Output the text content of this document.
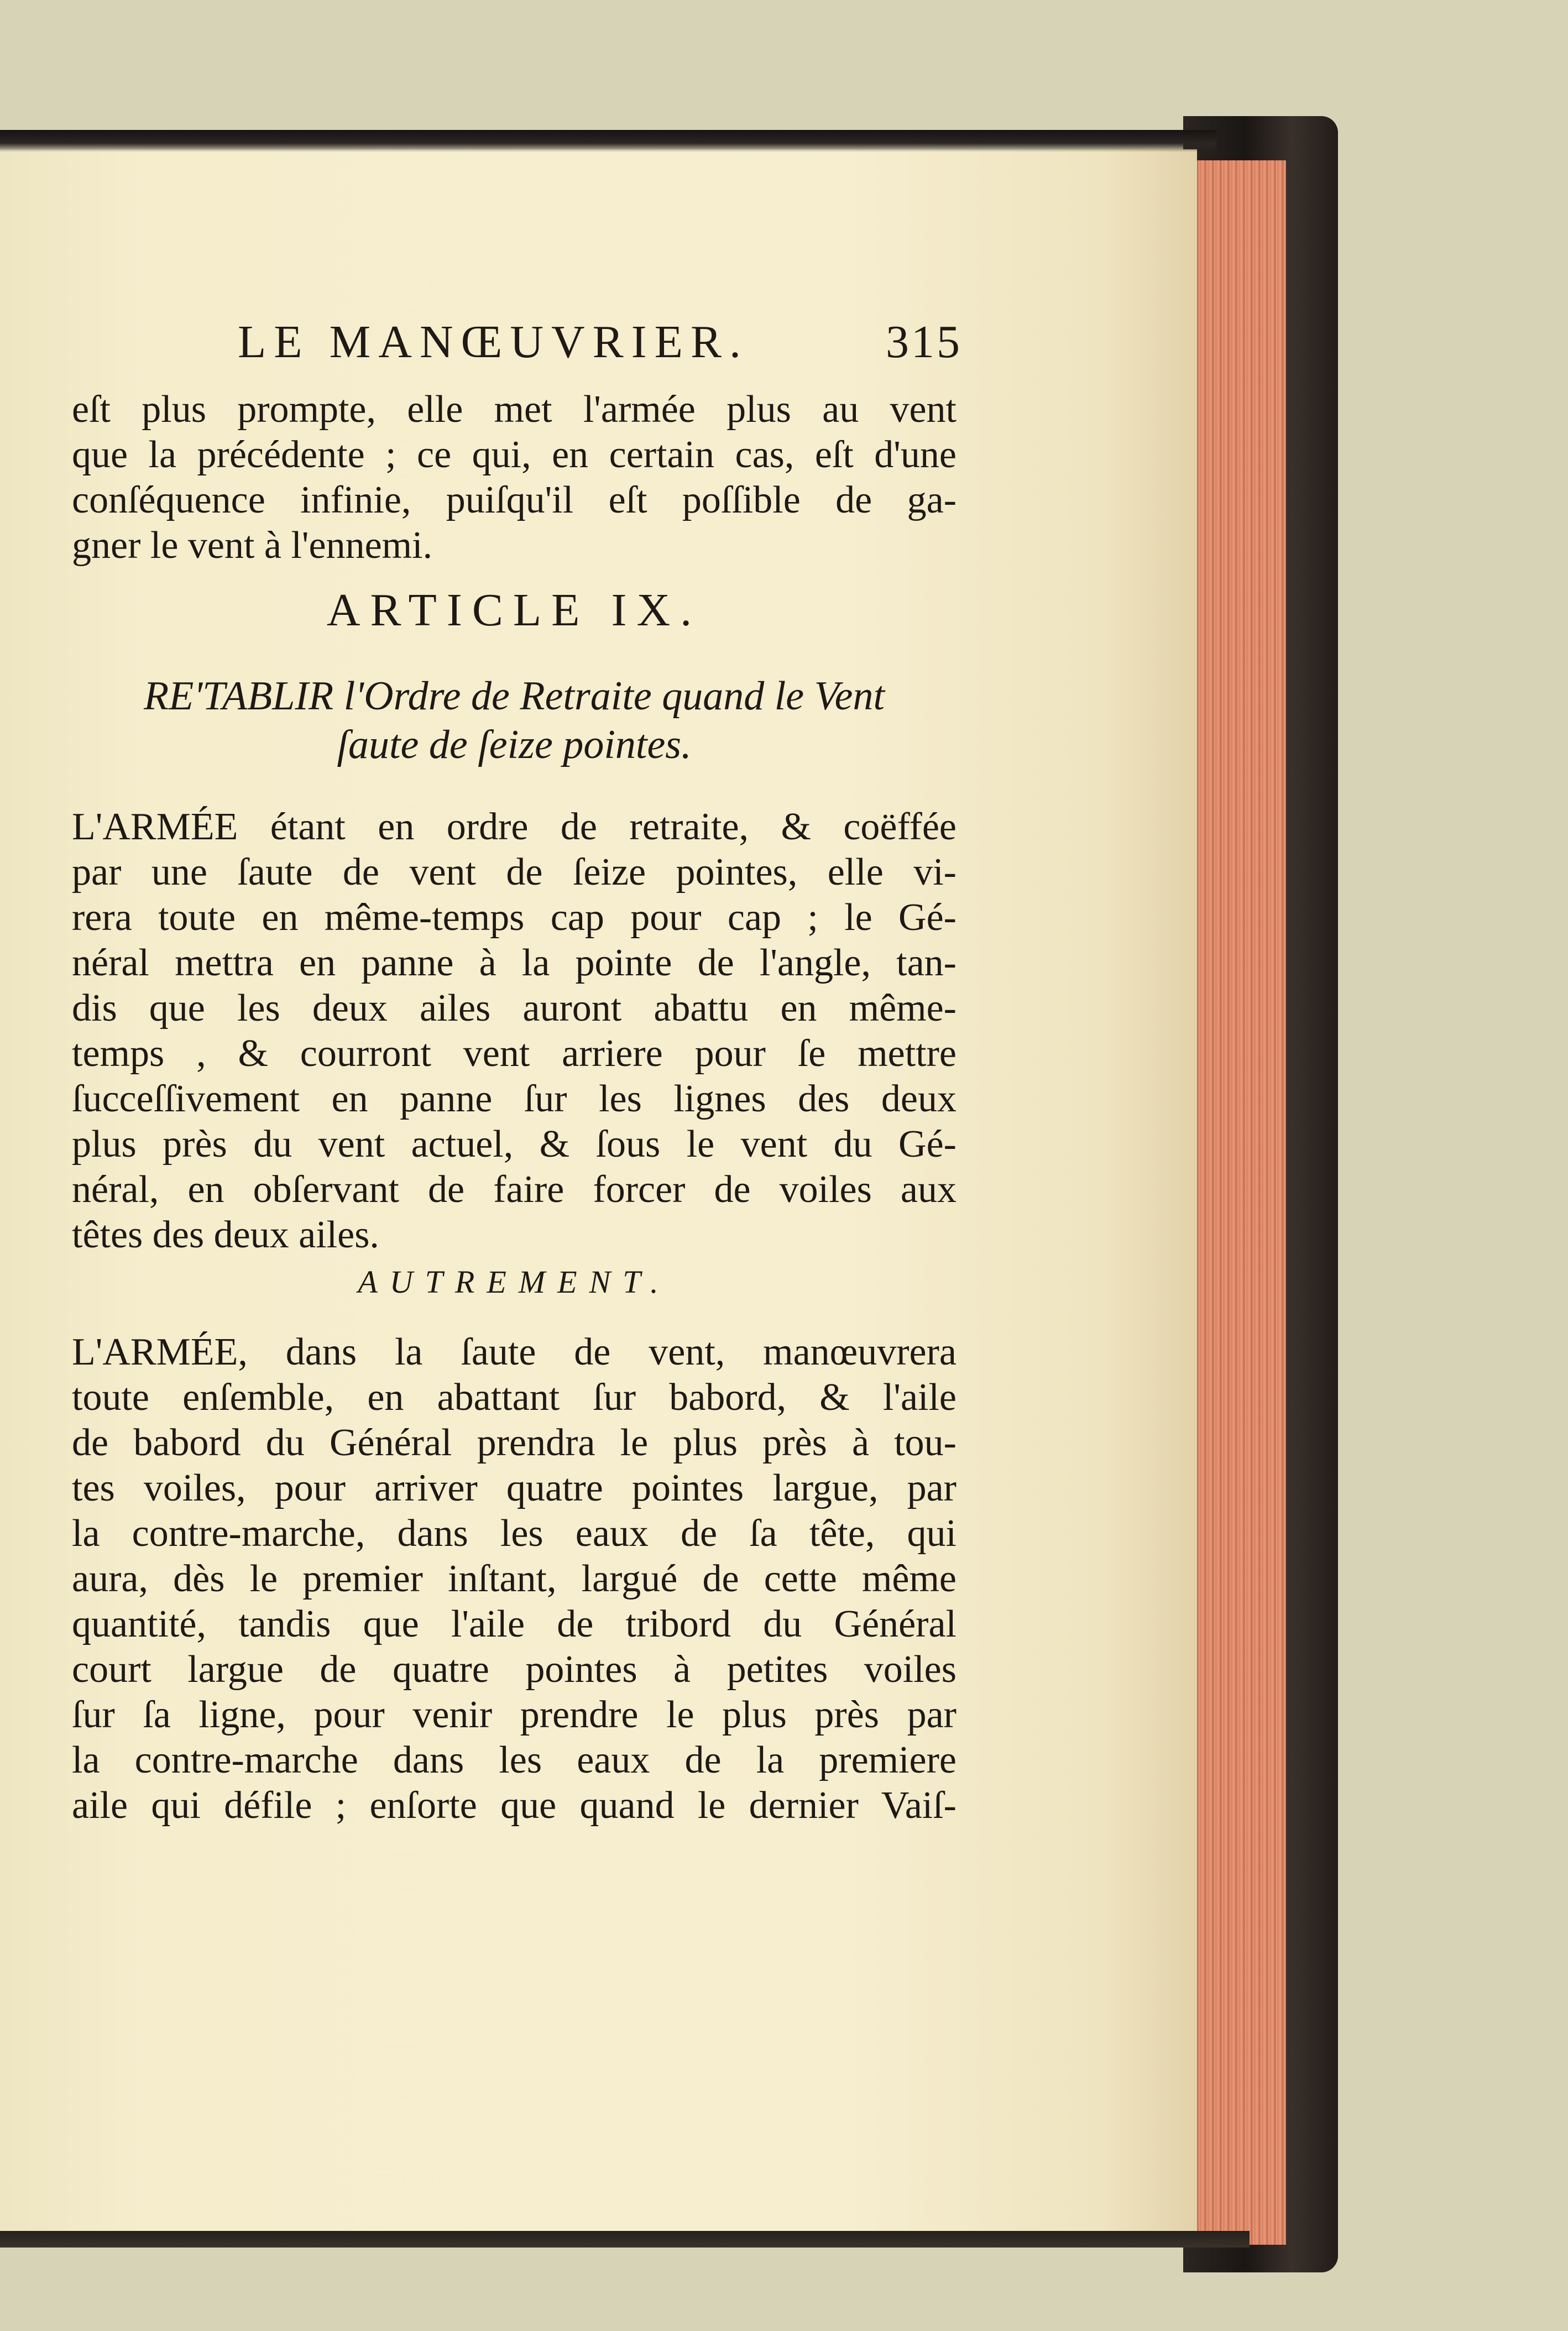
LE MANŒUVRIER.	315
eſt plus prompte, elle met l'armée plus au vent
que la précédente ; ce qui, en certain cas, eſt d'une
conſéquence infinie, puiſqu'il eſt poſſible de ga-
gner le vent à l'ennemi.
ARTICLE IX.
RE'TABLIR l'Ordre de Retraite quand le Vent
ſaute de ſeize pointes.
L'ARMÉE étant en ordre de retraite, & coëffée
par une ſaute de vent de ſeize pointes, elle vi-
rera toute en même-temps cap pour cap ; le Gé-
néral mettra en panne à la pointe de l'angle, tan-
dis que les deux ailes auront abattu en même-
temps , & courront vent arriere pour ſe mettre
ſucceſſivement en panne ſur les lignes des deux
plus près du vent actuel, & ſous le vent du Gé-
néral, en obſervant de faire forcer de voiles aux
têtes des deux ailes.
AUTREMENT.
L'ARMÉE, dans la ſaute de vent, manœuvrera
toute enſemble, en abattant ſur babord, & l'aile
de babord du Général prendra le plus près à tou-
tes voiles, pour arriver quatre pointes largue, par
la contre-marche, dans les eaux de ſa tête, qui
aura, dès le premier inſtant, largué de cette même
quantité, tandis que l'aile de tribord du Général
court largue de quatre pointes à petites voiles
ſur ſa ligne, pour venir prendre le plus près par
la contre-marche dans les eaux de la premiere
aile qui défile ; enſorte que quand le dernier Vaiſ-
